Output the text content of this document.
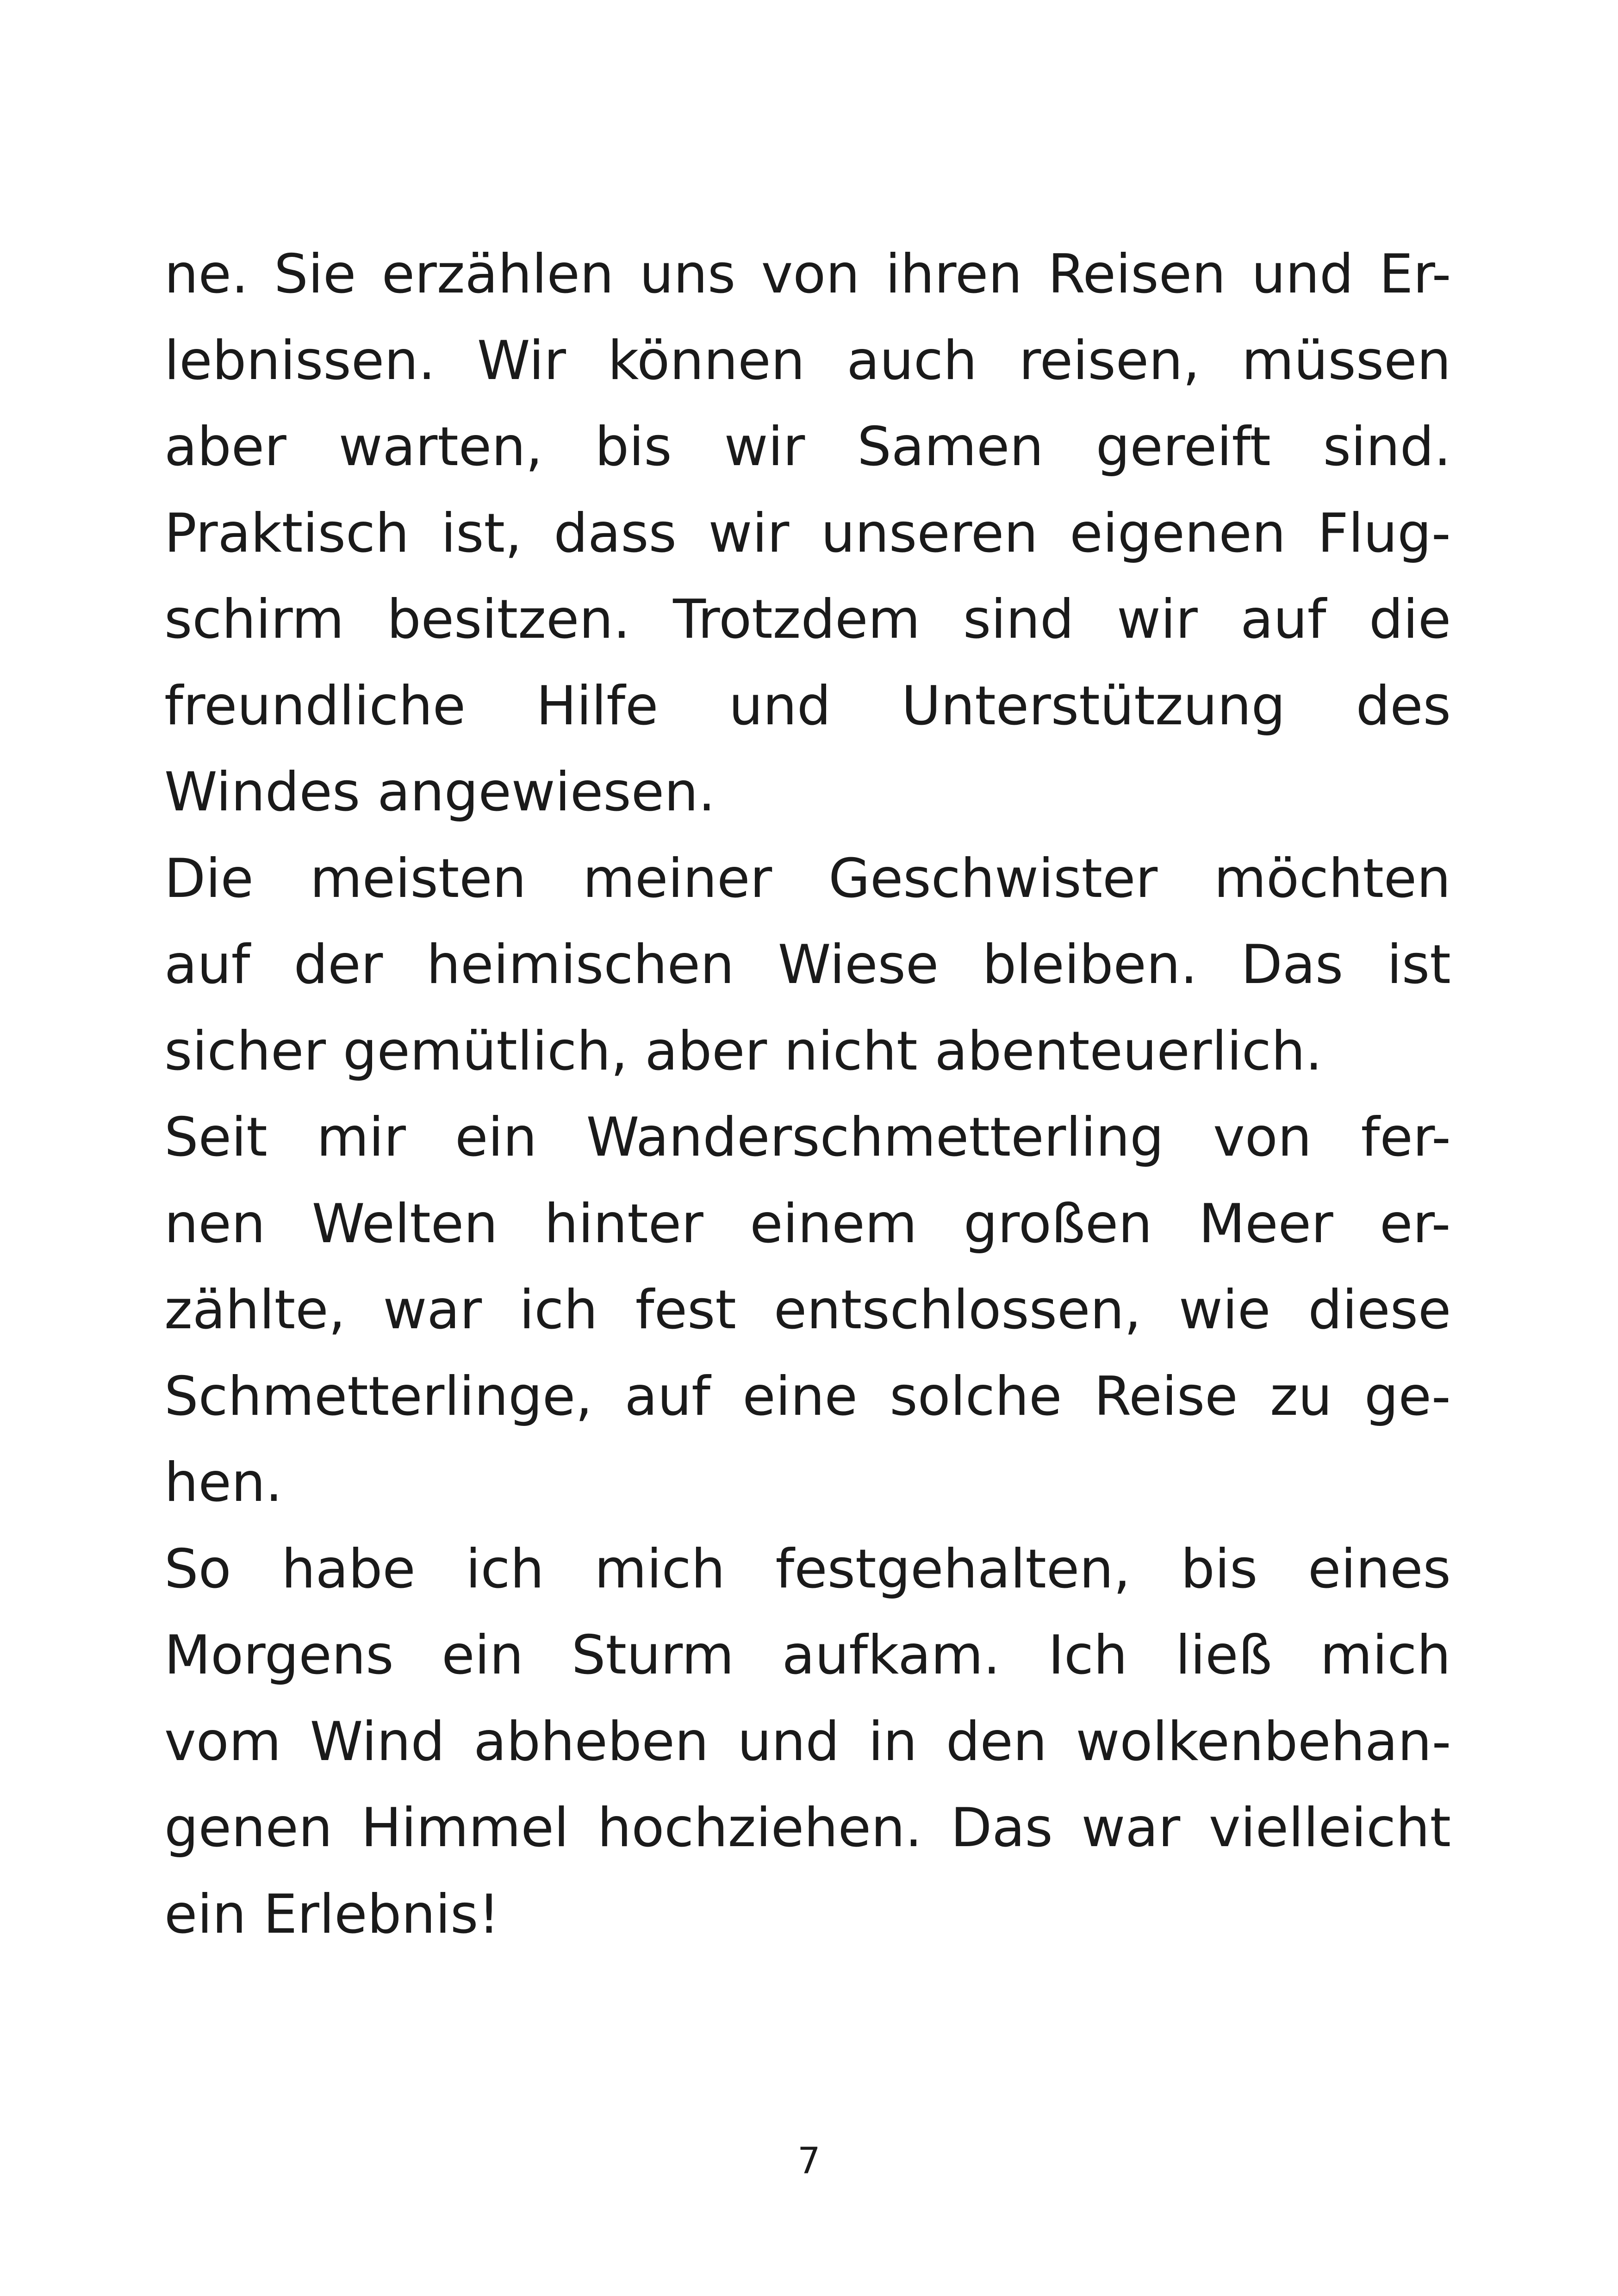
ne. Sie erzählen uns von ihren Reisen und Er-
lebnissen. Wir können auch reisen, müssen
aber warten, bis wir Samen gereift sind.
Praktisch ist, dass wir unseren eigenen Flug-
schirm besitzen. Trotzdem sind wir auf die
freundliche Hilfe und Unterstützung des
Windes angewiesen.
Die meisten meiner Geschwister möchten
auf der heimischen Wiese bleiben. Das ist
sicher gemütlich, aber nicht abenteuerlich.
Seit mir ein Wanderschmetterling von fer-
nen Welten hinter einem großen Meer er-
zählte, war ich fest entschlossen, wie diese
Schmetterlinge, auf eine solche Reise zu ge-
hen.
So habe ich mich festgehalten, bis eines
Morgens ein Sturm aufkam. Ich ließ mich
vom Wind abheben und in den wolkenbehan-
genen Himmel hochziehen. Das war vielleicht
ein Erlebnis!
7
